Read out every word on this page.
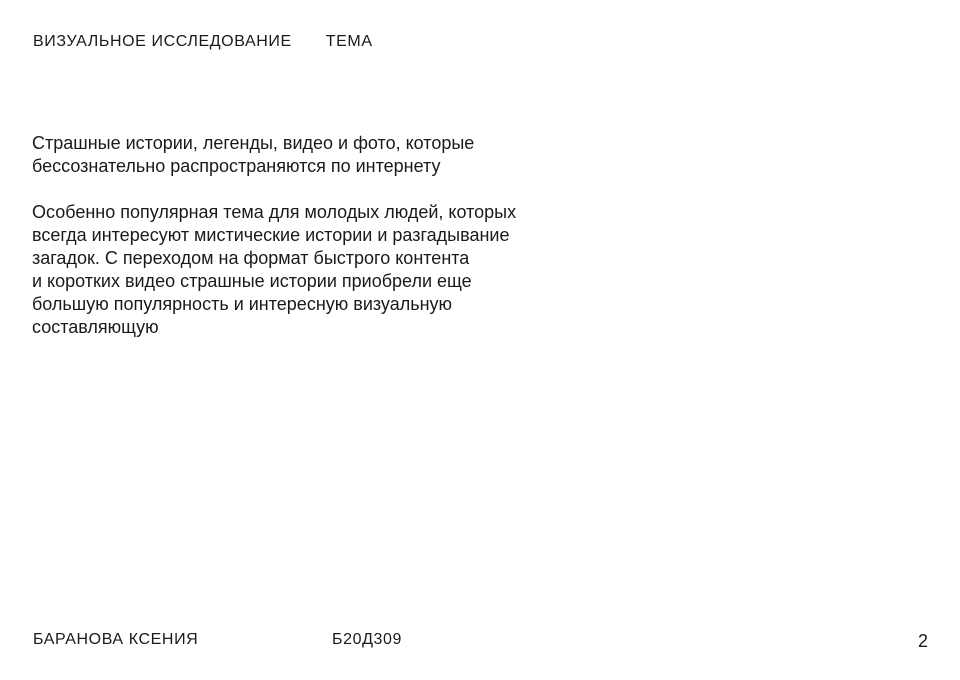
ВИЗУАЛЬНОЕ ИССЛЕДОВАНИЕ ТЕМА

Страшные истории, легенды, видео и фото, которые
бессознательно распространяются по интернету

Особенно популярная тема для молодых людей, которых
всегда интересуют мистические истории и разгадывание
загадок. С переходом на формат быстрого контента
и коротких видео страшные истории приобрели еще
большую популярность и интересную визуальную
составляющую

БАРАНОВА КСЕНИЯ	Б20Д309	2
